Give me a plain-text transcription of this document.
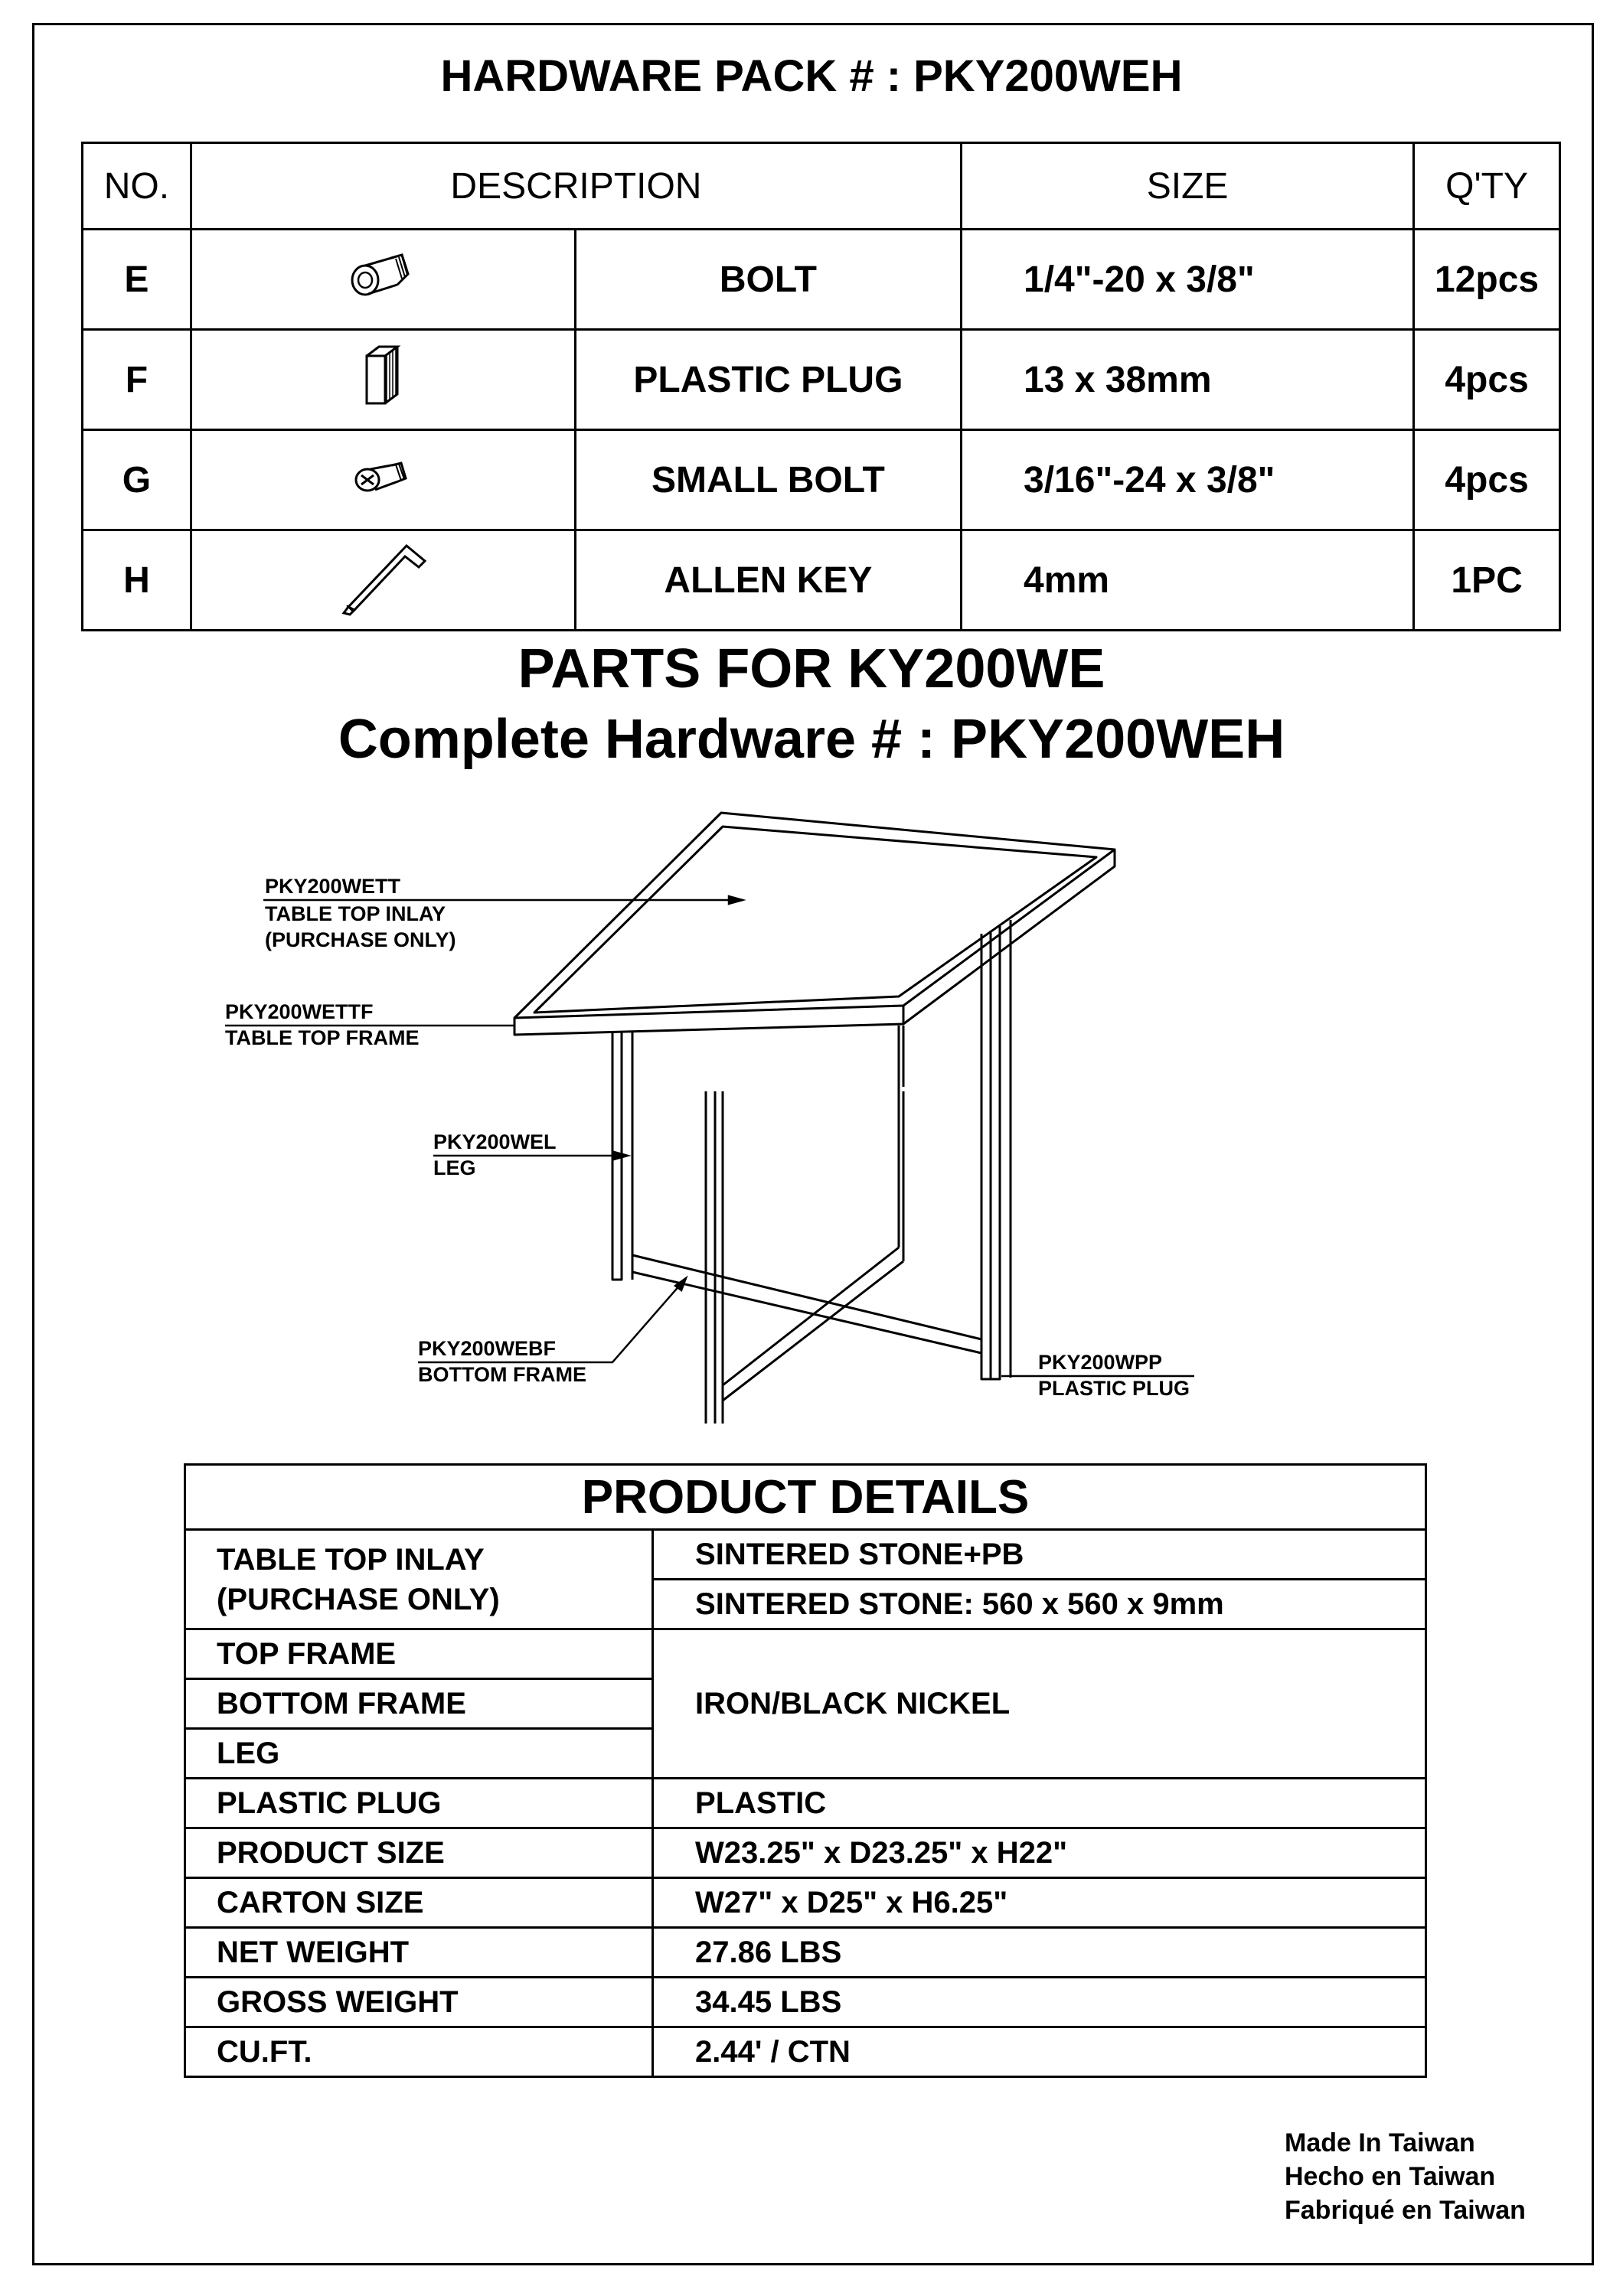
HARDWARE PACK # : PKY200WEH
NO.	DESCRIPTION		SIZE	Q'TY
E		BOLT	1/4"-20 x 3/8"	12pcs
F		PLASTIC PLUG	13 x 38mm	4pcs
G		SMALL BOLT	3/16"-24 x 3/8"	4pcs
H		ALLEN KEY	4mm	1PC
PARTS FOR KY200WE
Complete Hardware # : PKY200WEH
PKY200WETT
TABLE TOP INLAY
(PURCHASE ONLY)
PKY200WETTF
TABLE TOP FRAME
PKY200WEL
LEG
PKY200WEBF
BOTTOM FRAME
PKY200WPP
PLASTIC PLUG
PRODUCT DETAILS	
TABLE TOP INLAY
(PURCHASE ONLY)	SINTERED STONE+PB
	SINTERED STONE: 560 x 560 x 9mm
TOP FRAME	IRON/BLACK NICKEL
BOTTOM FRAME	
LEG	
PLASTIC PLUG	PLASTIC
PRODUCT SIZE	W23.25" x D23.25" x H22"
CARTON SIZE	W27" x D25" x H6.25"
NET WEIGHT	27.86 LBS
GROSS WEIGHT	34.45 LBS
CU.FT.	2.44' / CTN
Made In Taiwan
Hecho en Taiwan
Fabriqué en Taiwan
